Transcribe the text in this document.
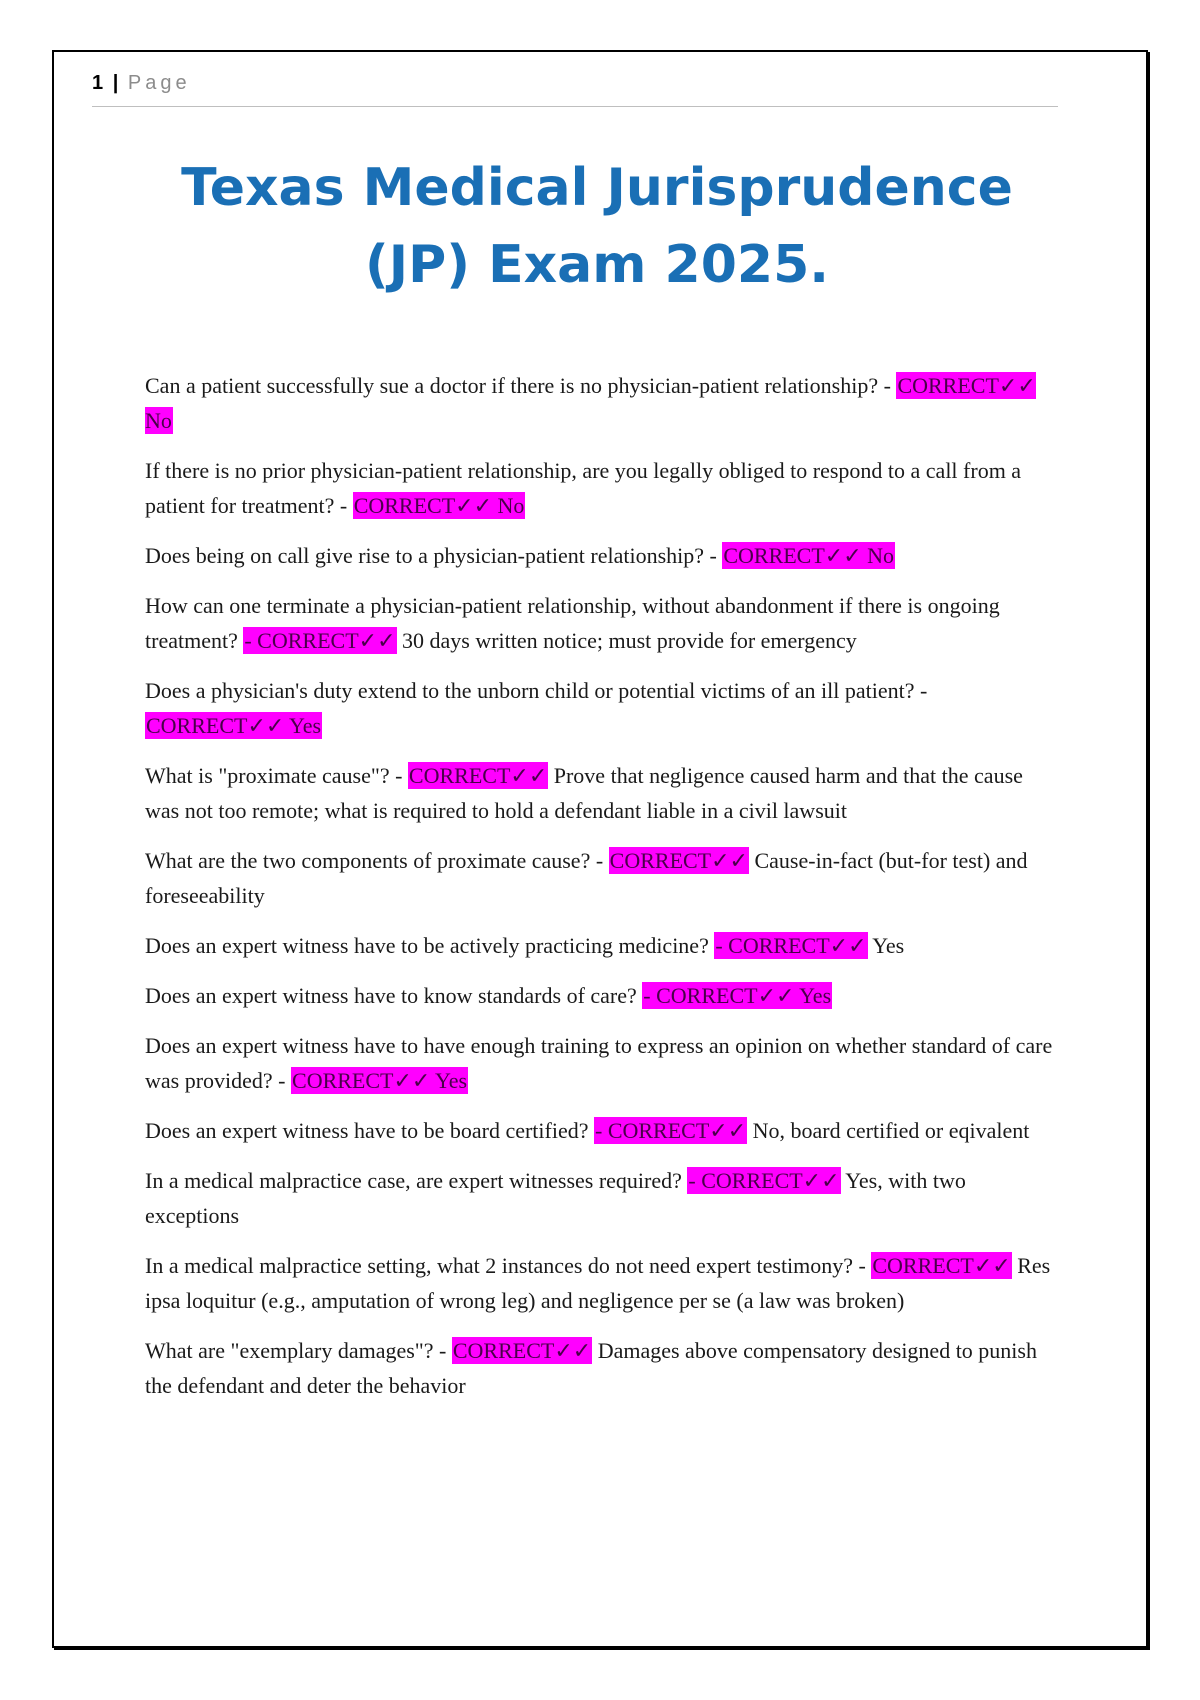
1 | Page
Texas Medical Jurisprudence
(JP) Exam 2025.

Can a patient successfully sue a doctor if there is no physician-patient relationship? - CORRECT✓✓ No

If there is no prior physician-patient relationship, are you legally obliged to respond to a call from a patient for treatment? - CORRECT✓✓ No

Does being on call give rise to a physician-patient relationship? - CORRECT✓✓ No

How can one terminate a physician-patient relationship, without abandonment if there is ongoing treatment? - CORRECT✓✓ 30 days written notice; must provide for emergency

Does a physician's duty extend to the unborn child or potential victims of an ill patient? - CORRECT✓✓ Yes

What is "proximate cause"? - CORRECT✓✓ Prove that negligence caused harm and that the cause was not too remote; what is required to hold a defendant liable in a civil lawsuit

What are the two components of proximate cause? - CORRECT✓✓ Cause-in-fact (but-for test) and foreseeability

Does an expert witness have to be actively practicing medicine? - CORRECT✓✓ Yes

Does an expert witness have to know standards of care? - CORRECT✓✓ Yes

Does an expert witness have to have enough training to express an opinion on whether standard of care was provided? - CORRECT✓✓ Yes

Does an expert witness have to be board certified? - CORRECT✓✓ No, board certified or eqivalent

In a medical malpractice case, are expert witnesses required? - CORRECT✓✓ Yes, with two exceptions

In a medical malpractice setting, what 2 instances do not need expert testimony? - CORRECT✓✓ Res ipsa loquitur (e.g., amputation of wrong leg) and negligence per se (a law was broken)

What are "exemplary damages"? - CORRECT✓✓ Damages above compensatory designed to punish the defendant and deter the behavior
